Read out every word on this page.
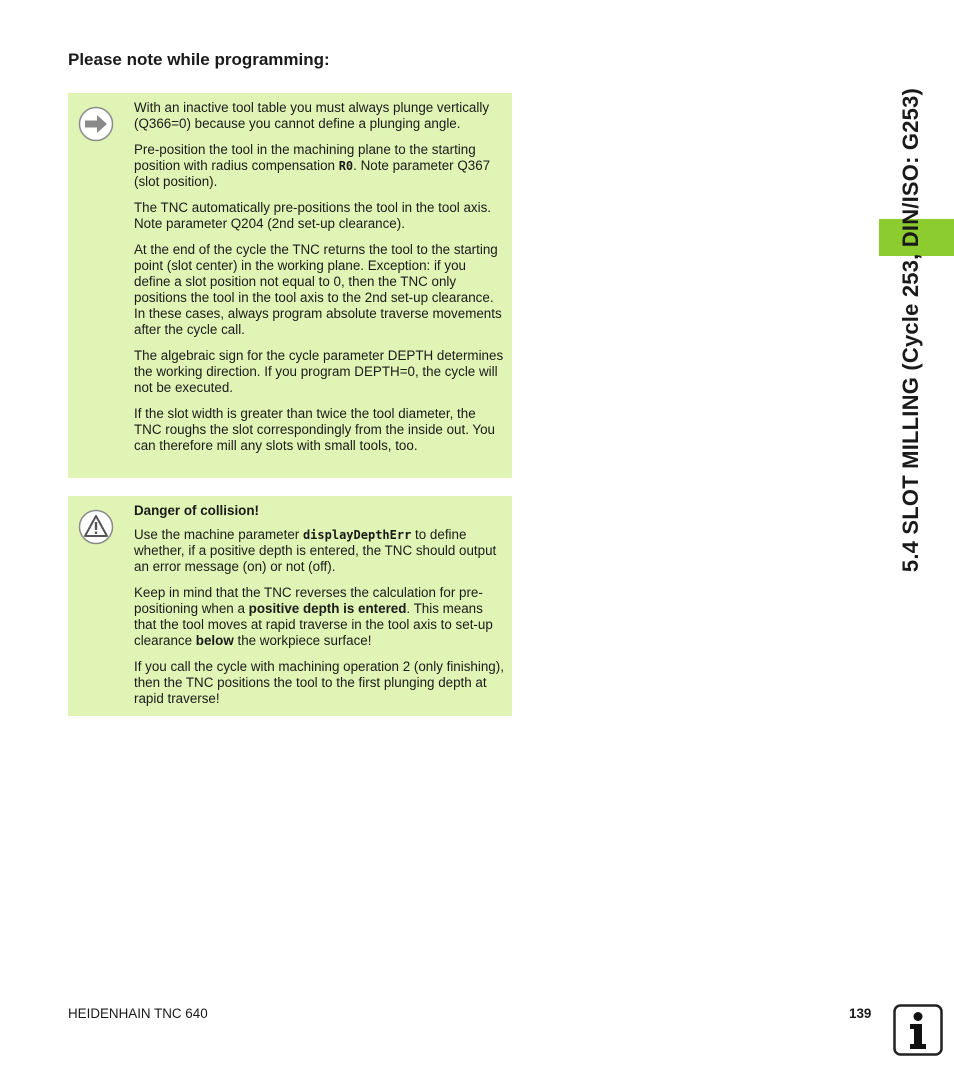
Please note while programming:

With an inactive tool table you must always plunge vertically (Q366=0) because you cannot define a plunging angle.

Pre-position the tool in the machining plane to the starting position with radius compensation R0. Note parameter Q367 (slot position).

The TNC automatically pre-positions the tool in the tool axis. Note parameter Q204 (2nd set-up clearance).

At the end of the cycle the TNC returns the tool to the starting point (slot center) in the working plane. Exception: if you define a slot position not equal to 0, then the TNC only positions the tool in the tool axis to the 2nd set-up clearance. In these cases, always program absolute traverse movements after the cycle call.

The algebraic sign for the cycle parameter DEPTH determines the working direction. If you program DEPTH=0, the cycle will not be executed.

If the slot width is greater than twice the tool diameter, the TNC roughs the slot correspondingly from the inside out. You can therefore mill any slots with small tools, too.

Danger of collision!

Use the machine parameter displayDepthErr to define whether, if a positive depth is entered, the TNC should output an error message (on) or not (off).

Keep in mind that the TNC reverses the calculation for pre-positioning when a positive depth is entered. This means that the tool moves at rapid traverse in the tool axis to set-up clearance below the workpiece surface!

If you call the cycle with machining operation 2 (only finishing), then the TNC positions the tool to the first plunging depth at rapid traverse!

5.4 SLOT MILLING (Cycle 253, DIN/ISO: G253)
HEIDENHAIN TNC 640	139
